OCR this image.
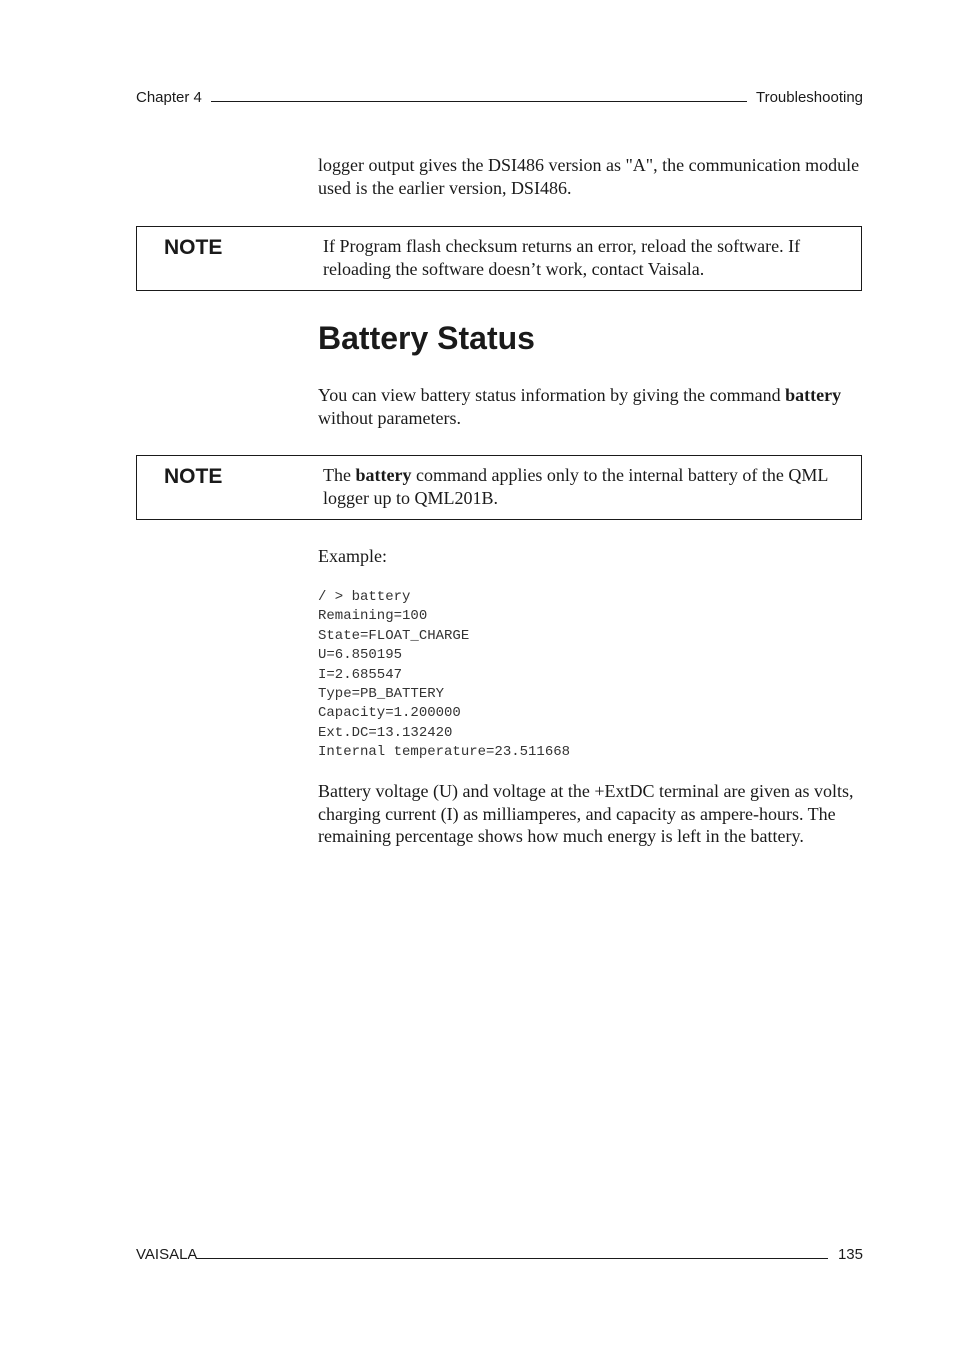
Chapter 4	Troubleshooting

logger output gives the DSI486 version as "A", the communication module used is the earlier version, DSI486.

NOTE	If Program flash checksum returns an error, reload the software. If reloading the software doesn’t work, contact Vaisala.
Battery Status

You can view battery status information by giving the command battery without parameters.

NOTE	The battery command applies only to the internal battery of the QML logger up to QML201B.

Example:

/ > battery
Remaining=100
State=FLOAT_CHARGE
U=6.850195
I=2.685547
Type=PB_BATTERY
Capacity=1.200000
Ext.DC=13.132420
Internal temperature=23.511668

Battery voltage (U) and voltage at the +ExtDC terminal are given as volts, charging current (I) as milliamperes, and capacity as ampere-hours. The remaining percentage shows how much energy is left in the battery.

VAISALA	135
